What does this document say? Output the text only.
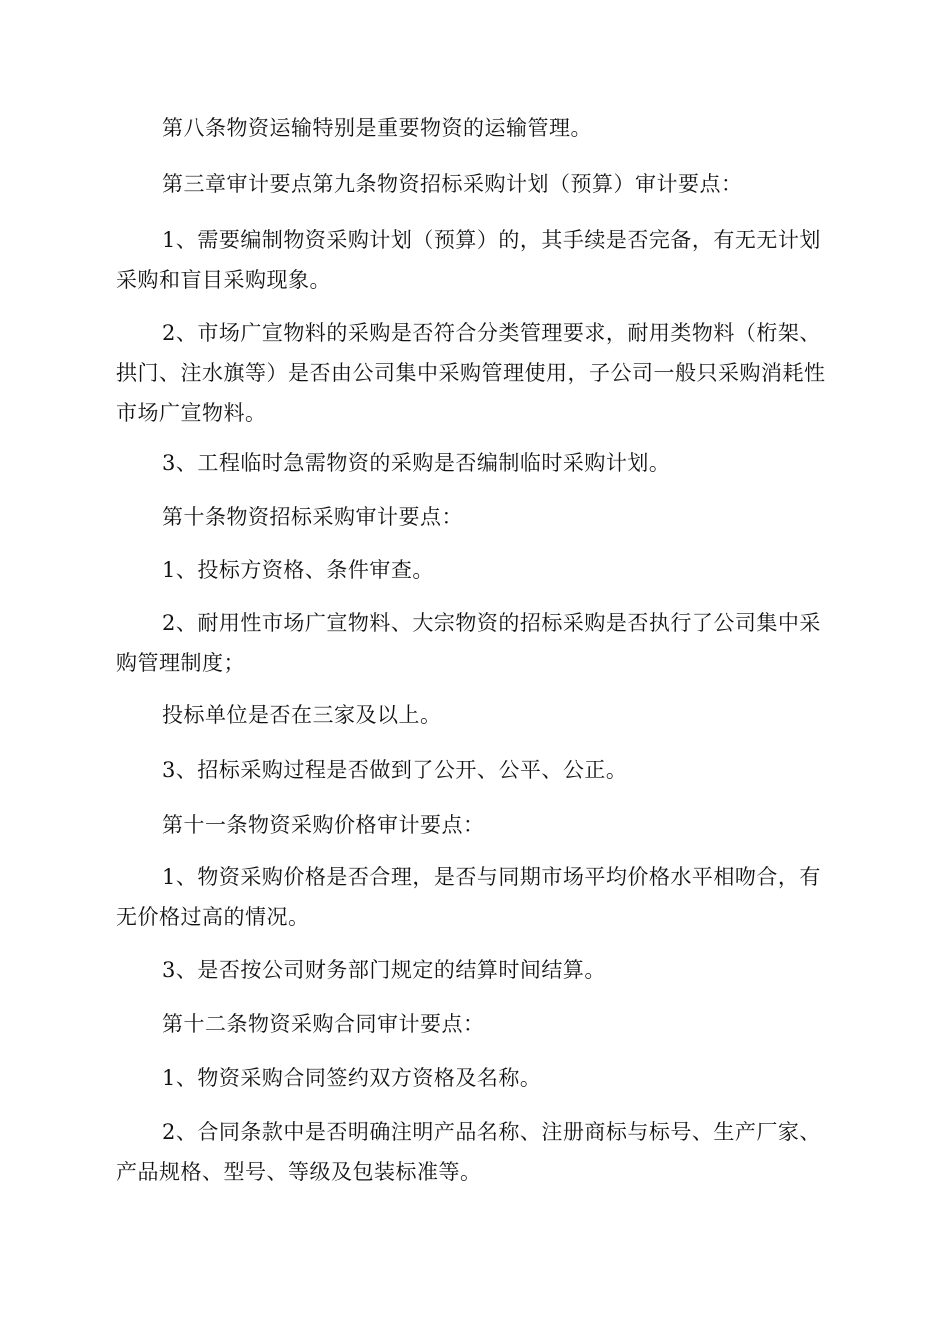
第八条物资运输特别是重要物资的运输管理。

第三章审计要点第九条物资招标采购计划（预算）审计要点：

1、需要编制物资采购计划（预算）的，其手续是否完备，有无无计划采购和盲目采购现象。

2、市场广宣物料的采购是否符合分类管理要求，耐用类物料（桁架、拱门、注水旗等）是否由公司集中采购管理使用，子公司一般只采购消耗性市场广宣物料。

3、工程临时急需物资的采购是否编制临时采购计划。

第十条物资招标采购审计要点：

1、投标方资格、条件审查。

2、耐用性市场广宣物料、大宗物资的招标采购是否执行了公司集中采购管理制度；

投标单位是否在三家及以上。

3、招标采购过程是否做到了公开、公平、公正。

第十一条物资采购价格审计要点：

1、物资采购价格是否合理，是否与同期市场平均价格水平相吻合，有无价格过高的情况。

3、是否按公司财务部门规定的结算时间结算。

第十二条物资采购合同审计要点：

1、物资采购合同签约双方资格及名称。

2、合同条款中是否明确注明产品名称、注册商标与标号、生产厂家、产品规格、型号、等级及包装标准等。
